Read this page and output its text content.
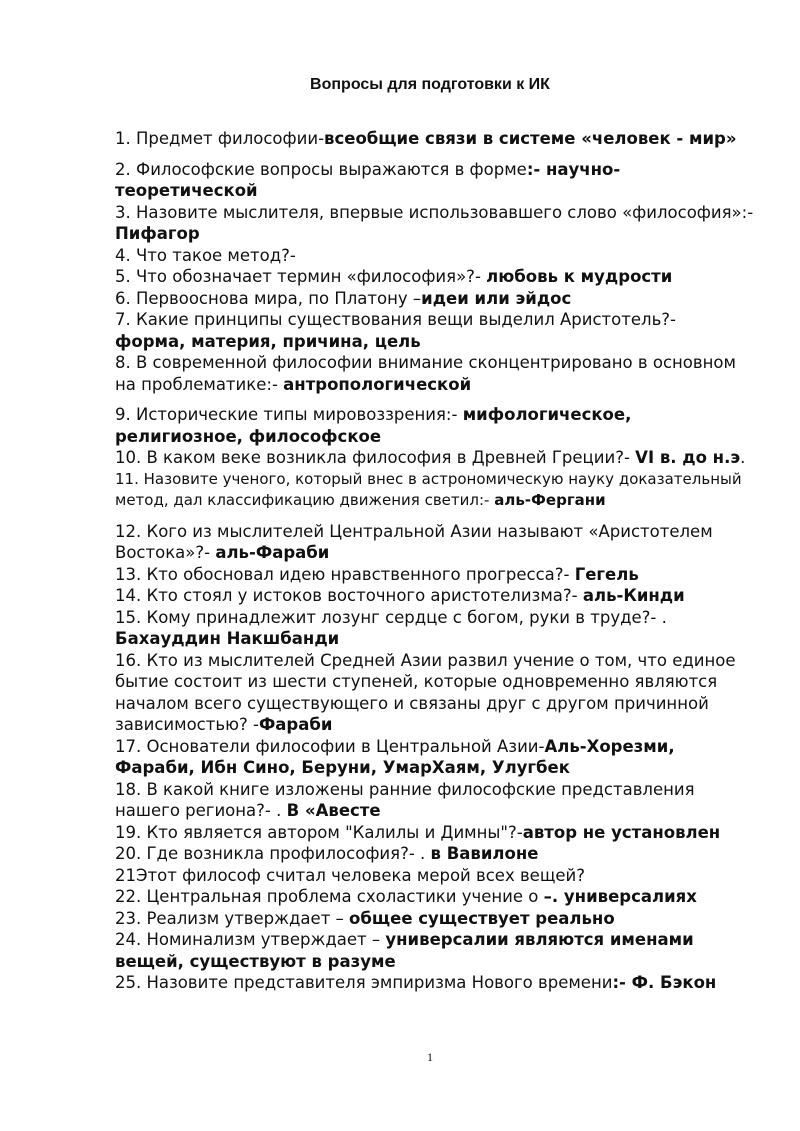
Вопросы для подготовки к ИК

1. Предмет философии-всеобщие связи в системе «человек - мир»

2. Философские вопросы выражаются в форме:- научно-теоретической

3. Назовите мыслителя, впервые использовавшего слово «философия»:- Пифагор

4. Что такое метод?-

5. Что обозначает термин «философия»?- любовь к мудрости

6. Первооснова мира, по Платону –идеи или эйдос

7. Какие принципы существования вещи выделил Аристотель?-
форма, материя, причина, цель

8. В современной философии внимание сконцентрировано в основном на проблематике:- антропологической

9. Исторические типы мировоззрения:- мифологическое, религиозное, философское

10. В каком веке возникла философия в Древней Греции?- VI в. до н.э.

11. Назовите ученого, который внес в астрономическую науку доказательный метод, дал классификацию движения светил:- аль-Фергани

12. Кого из мыслителей Центральной Азии называют «Аристотелем Востока»?- аль-Фараби

13. Кто обосновал идею нравственного прогресса?- Гегель

14. Кто стоял у истоков восточного аристотелизма?- аль-Кинди

15. Кому принадлежит лозунг сердце с богом, руки в труде?- .
Бахауддин Накшбанди

16. Кто из мыслителей Средней Азии развил учение о том, что единое бытие состоит из шести ступеней, которые одновременно являются началом всего существующего и связаны друг с другом причинной зависимостью? -Фараби

17. Основатели философии в Центральной Азии-Аль-Хорезми, Фараби, Ибн Сино, Беруни, УмарХаям, Улугбек

18. В какой книге изложены ранние философские представления нашего региона?- . В «Авесте

19. Кто является автором "Калилы и Димны"?-автор не установлен

20. Где возникла профилософия?- . в Вавилоне

21Этот философ считал человека мерой всех вещей?

22. Центральная проблема схоластики учение о –. универсалиях

23. Реализм утверждает – общее существует реально

24. Номинализм утверждает – универсалии являются именами вещей, существуют в разуме

25. Назовите представителя эмпиризма Нового времени:- Ф. Бэкон

1
